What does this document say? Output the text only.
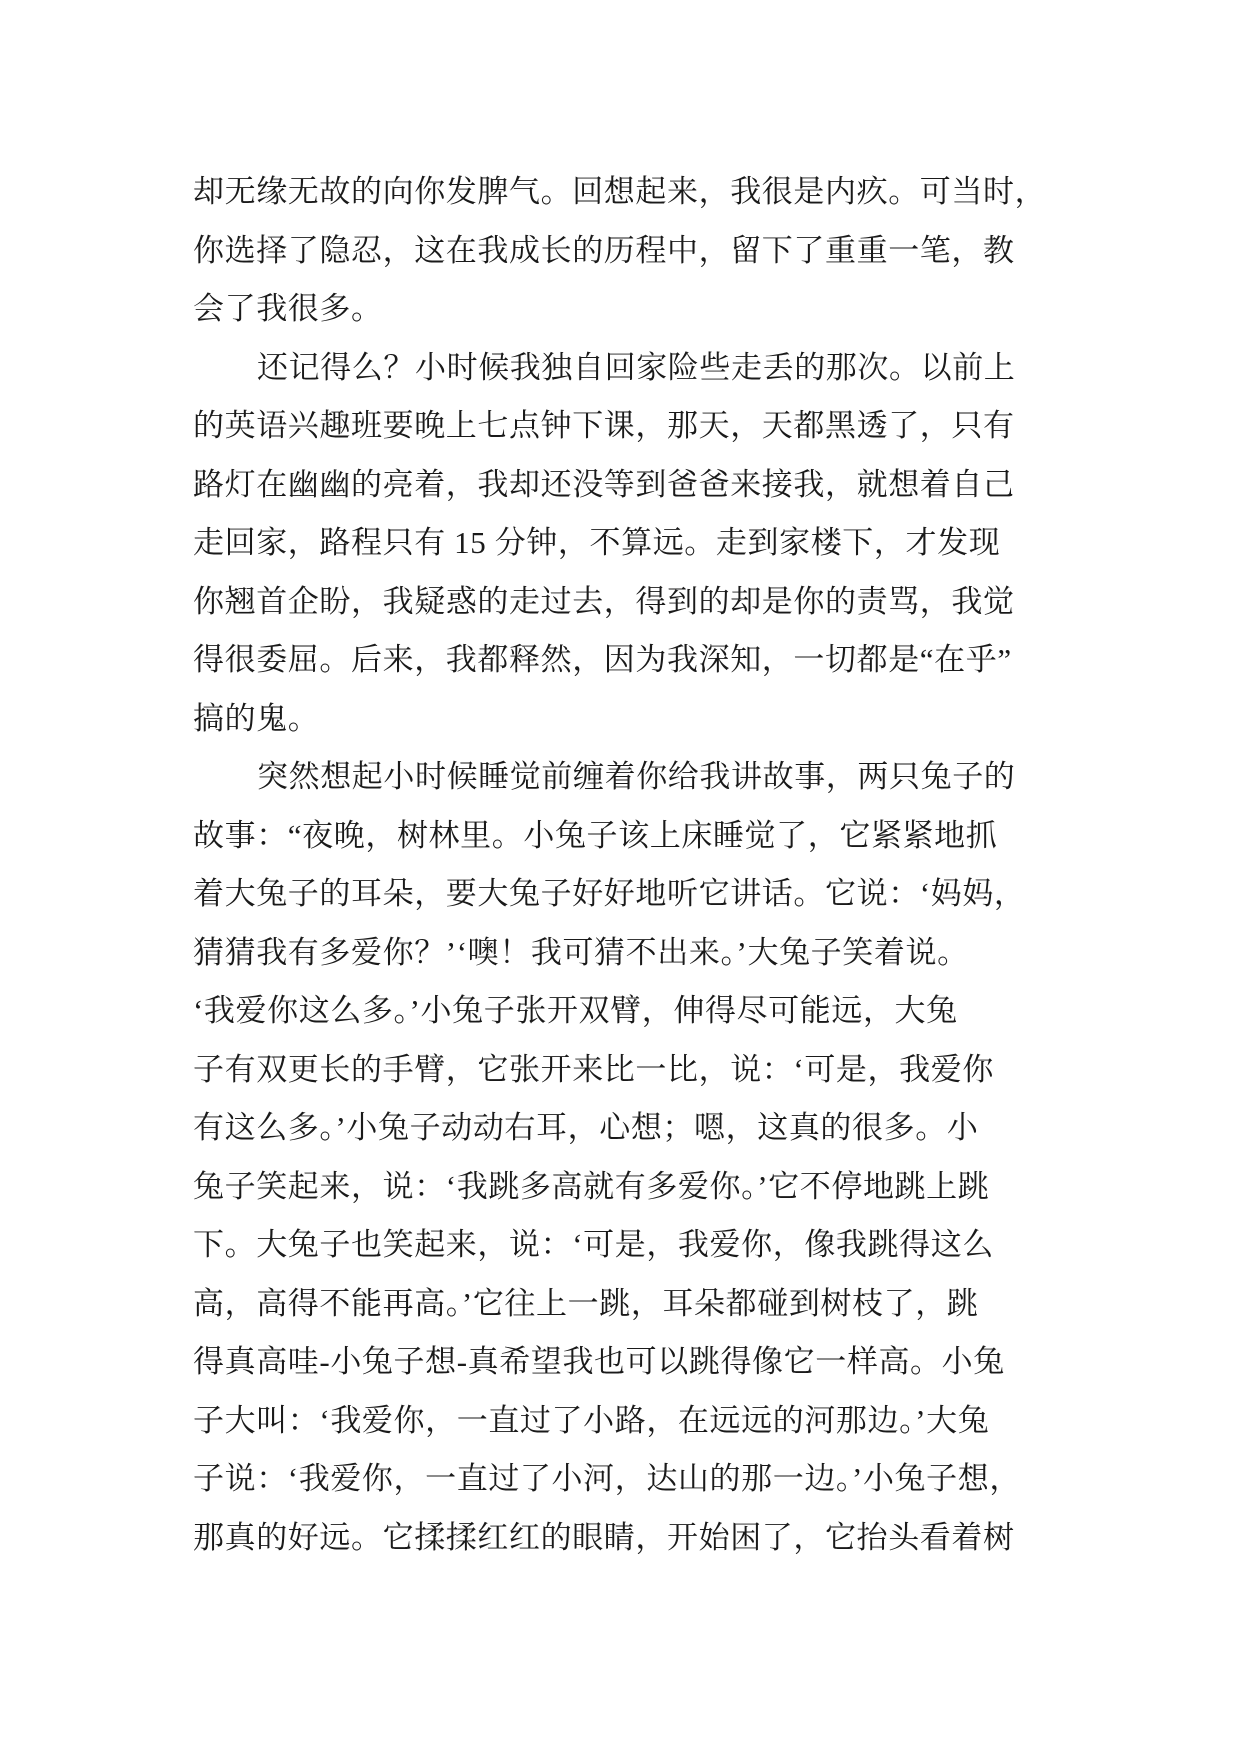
却无缘无故的向你发脾气。回想起来，我很是内疚。可当时，
你选择了隐忍，这在我成长的历程中，留下了重重一笔，教
会了我很多。
还记得么？小时候我独自回家险些走丢的那次。以前上
的英语兴趣班要晚上七点钟下课，那天，天都黑透了，只有
路灯在幽幽的亮着，我却还没等到爸爸来接我，就想着自己
走回家，路程只有 15 分钟，不算远。走到家楼下，才发现
你翘首企盼，我疑惑的走过去，得到的却是你的责骂，我觉
得很委屈。后来，我都释然，因为我深知，一切都是“在乎”
搞的鬼。
突然想起小时候睡觉前缠着你给我讲故事，两只兔子的
故事：“夜晚，树林里。小兔子该上床睡觉了，它紧紧地抓
着大兔子的耳朵，要大兔子好好地听它讲话。它说：‘妈妈，
猜猜我有多爱你？’‘噢！我可猜不出来。’大兔子笑着说。
‘我爱你这么多。’小兔子张开双臂，伸得尽可能远，大兔
子有双更长的手臂，它张开来比一比，说：‘可是，我爱你
有这么多。’小兔子动动右耳，心想；嗯，这真的很多。小
兔子笑起来，说：‘我跳多高就有多爱你。’它不停地跳上跳
下。大兔子也笑起来，说：‘可是，我爱你，像我跳得这么
高，高得不能再高。’它往上一跳，耳朵都碰到树枝了，跳
得真高哇-小兔子想-真希望我也可以跳得像它一样高。小兔
子大叫：‘我爱你，一直过了小路，在远远的河那边。’大兔
子说：‘我爱你，一直过了小河，达山的那一边。’小兔子想，
那真的好远。它揉揉红红的眼睛，开始困了，它抬头看着树
